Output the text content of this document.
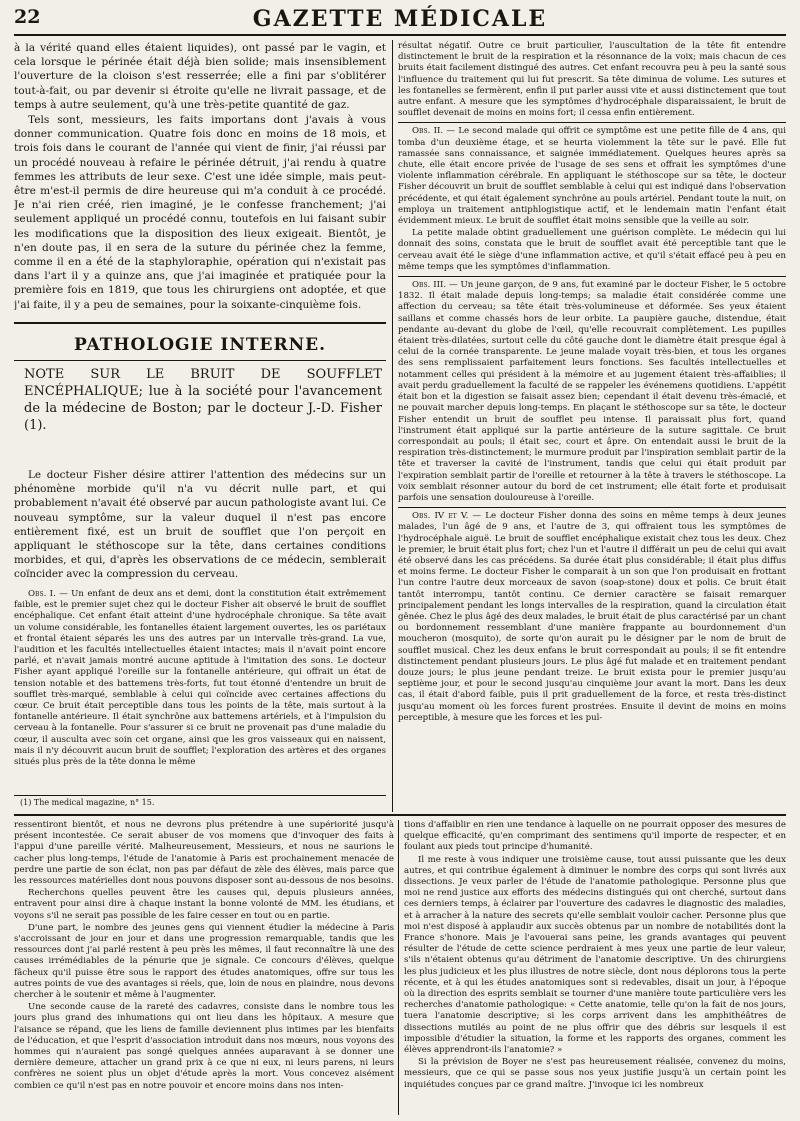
22	GAZETTE MÉDICALE

à la vérité quand elles étaient liquides), ont passé par le vagin, et cela lorsque le périnée était déjà bien solide; mais insensiblement l'ouverture de la cloison s'est resserrée; elle a fini par s'oblitérer tout-à-fait, ou par devenir si étroite qu'elle ne livrait passage, et de temps à autre seulement, qu'à une très-petite quantité de gaz.

Tels sont, messieurs, les faits importans dont j'avais à vous donner communication. Quatre fois donc en moins de 18 mois, et trois fois dans le courant de l'année qui vient de finir, j'ai réussi par un procédé nouveau à refaire le périnée détruit, j'ai rendu à quatre femmes les attributs de leur sexe. C'est une idée simple, mais peut-être m'est-il permis de dire heureuse qui m'a conduit à ce procédé. Je n'ai rien créé, rien imaginé, je le confesse franchement; j'ai seulement appliqué un procédé connu, toutefois en lui faisant subir les modifications que la disposition des lieux exigeait. Bientôt, je n'en doute pas, il en sera de la suture du périnée chez la femme, comme il en a été de la staphyloraphie, opération qui n'existait pas dans l'art il y a quinze ans, que j'ai imaginée et pratiquée pour la première fois en 1819, que tous les chirurgiens ont adoptée, et que j'ai faite, il y a peu de semaines, pour la soixante-cinquième fois.

PATHOLOGIE INTERNE.
NOTE SUR LE BRUIT DE SOUFFLET ENCÉPHALIQUE; lue à la société pour l'avancement de la médecine de Boston; par le docteur J.-D. Fisher (1).

Le docteur Fisher désire attirer l'attention des médecins sur un phénomène morbide qu'il n'a vu décrit nulle part, et qui probablement n'avait été observé par aucun pathologiste avant lui. Ce nouveau symptôme, sur la valeur duquel il n'est pas encore entièrement fixé, est un bruit de soufflet que l'on perçoit en appliquant le stéthoscope sur la tête, dans certaines conditions morbides, et qui, d'après les observations de ce médecin, semblerait coïncider avec la compression du cerveau.

Obs. I. — Un enfant de deux ans et demi, dont la constitution était extrêmement faible, est le premier sujet chez qui le docteur Fisher ait observé le bruit de soufflet encéphalique. Cet enfant était atteint d'une hydrocéphale chronique. Sa tête avait un volume considérable, les fontanelles étaient largement ouvertes, les os pariétaux et frontal étaient séparés les uns des autres par un intervalle très-grand. La vue, l'audition et les facultés intellectuelles étaient intactes; mais il n'avait point encore parlé, et n'avait jamais montré aucune aptitude à l'imitation des sons. Le docteur Fisher ayant appliqué l'oreille sur la fontanelle antérieure, qui offrait un état de tension notable et des battemens très-forts, fut tout étonné d'entendre un bruit de soufflet très-marqué, semblable à celui qui coïncide avec certaines affections du cœur. Ce bruit était perceptible dans tous les points de la tête, mais surtout à la fontanelle antérieure. Il était synchrône aux battemens artériels, et à l'impulsion du cerveau à la fontanelle. Pour s'assurer si ce bruit ne provenait pas d'une maladie du cœur, il ausculta avec soin cet organe, ainsi que les gros vaisseaux qui en naissent, mais il n'y découvrit aucun bruit de soufflet; l'exploration des artères et des organes situés plus près de la tête donna le même

(1) The medical magazine, n° 15.

résultat négatif. Outre ce bruit particulier, l'auscultation de la tête fit entendre distinctement le bruit de la respiration et la résonnance de la voix; mais chacun de ces bruits était facilement distingué des autres. Cet enfant recouvra peu à peu la santé sous l'influence du traitement qui lui fut prescrit. Sa tête diminua de volume. Les sutures et les fontanelles se fermèrent, enfin il put parler aussi vite et aussi distinctement que tout autre enfant. A mesure que les symptômes d'hydrocéphale disparaissaient, le bruit de soufflet devenait de moins en moins fort; il cessa enfin entièrement.

Obs. II. — Le second malade qui offrit ce symptôme est une petite fille de 4 ans, qui tomba d'un deuxième étage, et se heurta violemment la tête sur le pavé. Elle fut ramassée sans connaissance, et saignée immédiatement. Quelques heures après sa chute, elle était encore privée de l'usage de ses sens et offrait les symptômes d'une violente inflammation cérébrale. En appliquant le stéthoscope sur sa tête, le docteur Fisher découvrit un bruit de soufflet semblable à celui qui est indiqué dans l'observation précédente, et qui était également synchrône au pouls artériel. Pendant toute la nuit, on employa un traitement antiphlogistique actif, et le lendemain matin l'enfant était évidemment mieux. Le bruit de soufflet était moins sensible que la veille au soir.

La petite malade obtint graduellement une guérison complète. Le médecin qui lui donnait des soins, constata que le bruit de soufflet avait été perceptible tant que le cerveau avait été le siège d'une inflammation active, et qu'il s'était effacé peu à peu en même temps que les symptômes d'inflammation.

Obs. III. — Un jeune garçon, de 9 ans, fut examiné par le docteur Fisher, le 5 octobre 1832. Il était malade depuis long-temps; sa maladie était considérée comme une affection du cerveau; sa tête était très-volumineuse et déformée. Ses yeux étaient saillans et comme chassés hors de leur orbite. La paupière gauche, distendue, était pendante au-devant du globe de l'œil, qu'elle recouvrait complètement. Les pupilles étaient très-dilatées, surtout celle du côté gauche dont le diamètre était presque égal à celui de la cornée transparente. Le jeune malade voyait très-bien, et tous les organes des sens remplissaient parfaitement leurs fonctions. Ses facultés intellectuelles et notamment celles qui président à la mémoire et au jugement étaient très-affaiblies; il avait perdu graduellement la faculté de se rappeler les événemens quotidiens. L'appétit était bon et la digestion se faisait assez bien; cependant il était devenu très-émacié, et ne pouvait marcher depuis long-temps. En plaçant le stéthoscope sur sa tête, le docteur Fisher entendit un bruit de soufflet peu intense. Il paraissait plus fort, quand l'instrument était appliqué sur la partie antérieure de la suture sagittale. Ce bruit correspondait au pouls; il était sec, court et âpre. On entendait aussi le bruit de la respiration très-distinctement; le murmure produit par l'inspiration semblait partir de la tête et traverser la cavité de l'instrument, tandis que celui qui était produit par l'expiration semblait partir de l'oreille et retourner à la tête à travers le stéthoscope. La voix semblait résonner autour du bord de cet instrument; elle était forte et produisait parfois une sensation douloureuse à l'oreille.

Obs. IV et V. — Le docteur Fisher donna des soins en même temps à deux jeunes malades, l'un âgé de 9 ans, et l'autre de 3, qui offraient tous les symptômes de l'hydrocéphale aiguë. Le bruit de soufflet encéphalique existait chez tous les deux. Chez le premier, le bruit était plus fort; chez l'un et l'autre il différait un peu de celui qui avait été observé dans les cas précédens. Sa durée était plus considérable; il était plus diffus et moins ferme. Le docteur Fisher le comparait à un son que l'on produisait en frottant l'un contre l'autre deux morceaux de savon (soap-stone) doux et polis. Ce bruit était tantôt interrompu, tantôt continu. Ce dernier caractère se faisait remarquer principalement pendant les longs intervalles de la respiration, quand la circulation était gênée. Chez le plus âgé des deux malades, le bruit était de plus caractérisé par un chant ou bordonnement ressemblant d'une manière frappante au bourdonnement d'un moucheron (mosquito), de sorte qu'on aurait pu le désigner par le nom de bruit de soufflet musical. Chez les deux enfans le bruit correspondait au pouls; il se fit entendre distinctement pendant plusieurs jours. Le plus âgé fut malade et en traitement pendant douze jours; le plus jeune pendant treize. Le bruit exista pour le premier jusqu'au septième jour, et pour le second jusqu'au cinquième jour avant la mort. Dans les deux cas, il était d'abord faible, puis il prit graduellement de la force, et resta très-distinct jusqu'au moment où les forces furent prostrées. Ensuite il devint de moins en moins perceptible, à mesure que les forces et les pul-

ressentiront bientôt, et nous ne devrons plus prétendre à une supériorité jusqu'à présent incontestée. Ce serait abuser de vos momens que d'invoquer des faits à l'appui d'une pareille vérité. Malheureusement, Messieurs, et nous ne saurions le cacher plus long-temps, l'étude de l'anatomie à Paris est prochainement menacée de perdre une partie de son éclat, non pas par défaut de zèle des élèves, mais parce que les ressources matérielles dont nous pouvons disposer sont au-dessous de nos besoins.

Recherchons quelles peuvent être les causes qui, depuis plusieurs années, entravent pour ainsi dire à chaque instant la bonne volonté de MM. les étudians, et voyons s'il ne serait pas possible de les faire cesser en tout ou en partie.

D'une part, le nombre des jeunes gens qui viennent étudier la médecine à Paris s'accroissant de jour en jour et dans une progression remarquable, tandis que les ressources dont j'ai parlé restent à peu près les mêmes, il faut reconnaître là une des causes irrémédiables de la pénurie que je signale. Ce concours d'élèves, quelque fâcheux qu'il puisse être sous le rapport des études anatomiques, offre sur tous les autres points de vue des avantages si réels, que, loin de nous en plaindre, nous devons chercher à le soutenir et même à l'augmenter.

Une seconde cause de la rareté des cadavres, consiste dans le nombre tous les jours plus grand des inhumations qui ont lieu dans les hôpitaux. A mesure que l'aisance se répand, que les liens de famille deviennent plus intimes par les bienfaits de l'éducation, et que l'esprit d'association introduit dans nos mœurs, nous voyons des hommes qui n'auraient pas songé quelques années auparavant à se donner une dernière demeure, attacher un grand prix à ce que ni eux, ni leurs parens, ni leurs confrères ne soient plus un objet d'étude après la mort. Vous concevez aisément combien ce qu'il n'est pas en notre pouvoir et encore moins dans nos inten-

tions d'affaiblir en rien une tendance à laquelle on ne pourrait opposer des mesures de quelque efficacité, qu'en comprimant des sentimens qu'il importe de respecter, et en foulant aux pieds tout principe d'humanité.

Il me reste à vous indiquer une troisième cause, tout aussi puissante que les deux autres, et qui contribue également à diminuer le nombre des corps qui sont livrés aux dissections. Je veux parler de l'étude de l'anatomie pathologique. Personne plus que moi ne rend justice aux efforts des médecins distingués qui ont cherché, surtout dans ces derniers temps, à éclairer par l'ouverture des cadavres le diagnostic des maladies, et à arracher à la nature des secrets qu'elle semblait vouloir cacher. Personne plus que moi n'est disposé à applaudir aux succès obtenus par un nombre de notabilités dont la France s'honore. Mais je l'avouerai sans peine, les grands avantages qui peuvent résulter de l'étude de cette science perdraient à mes yeux une partie de leur valeur, s'ils n'étaient obtenus qu'au détriment de l'anatomie descriptive. Un des chirurgiens les plus judicieux et les plus illustres de notre siècle, dont nous déplorons tous la perte récente, et à qui les études anatomiques sont si redevables, disait un jour, à l'époque où la direction des esprits semblait se tourner d'une manière toute particulière vers les recherches d'anatomie pathologique: « Cette anatomie, telle qu'on la fait de nos jours, tuera l'anatomie descriptive; si les corps arrivent dans les amphithéâtres de dissections mutilés au point de ne plus offrir que des débris sur lesquels il est impossible d'étudier la situation, la forme et les rapports des organes, comment les élèves apprendront-ils l'anatomie? »

Si la prévision de Boyer ne s'est pas heureusement réalisée, convenez du moins, messieurs, que ce qui se passe sous nos yeux justifie jusqu'à un certain point les inquiétudes conçues par ce grand maître. J'invoque ici les nombreux
